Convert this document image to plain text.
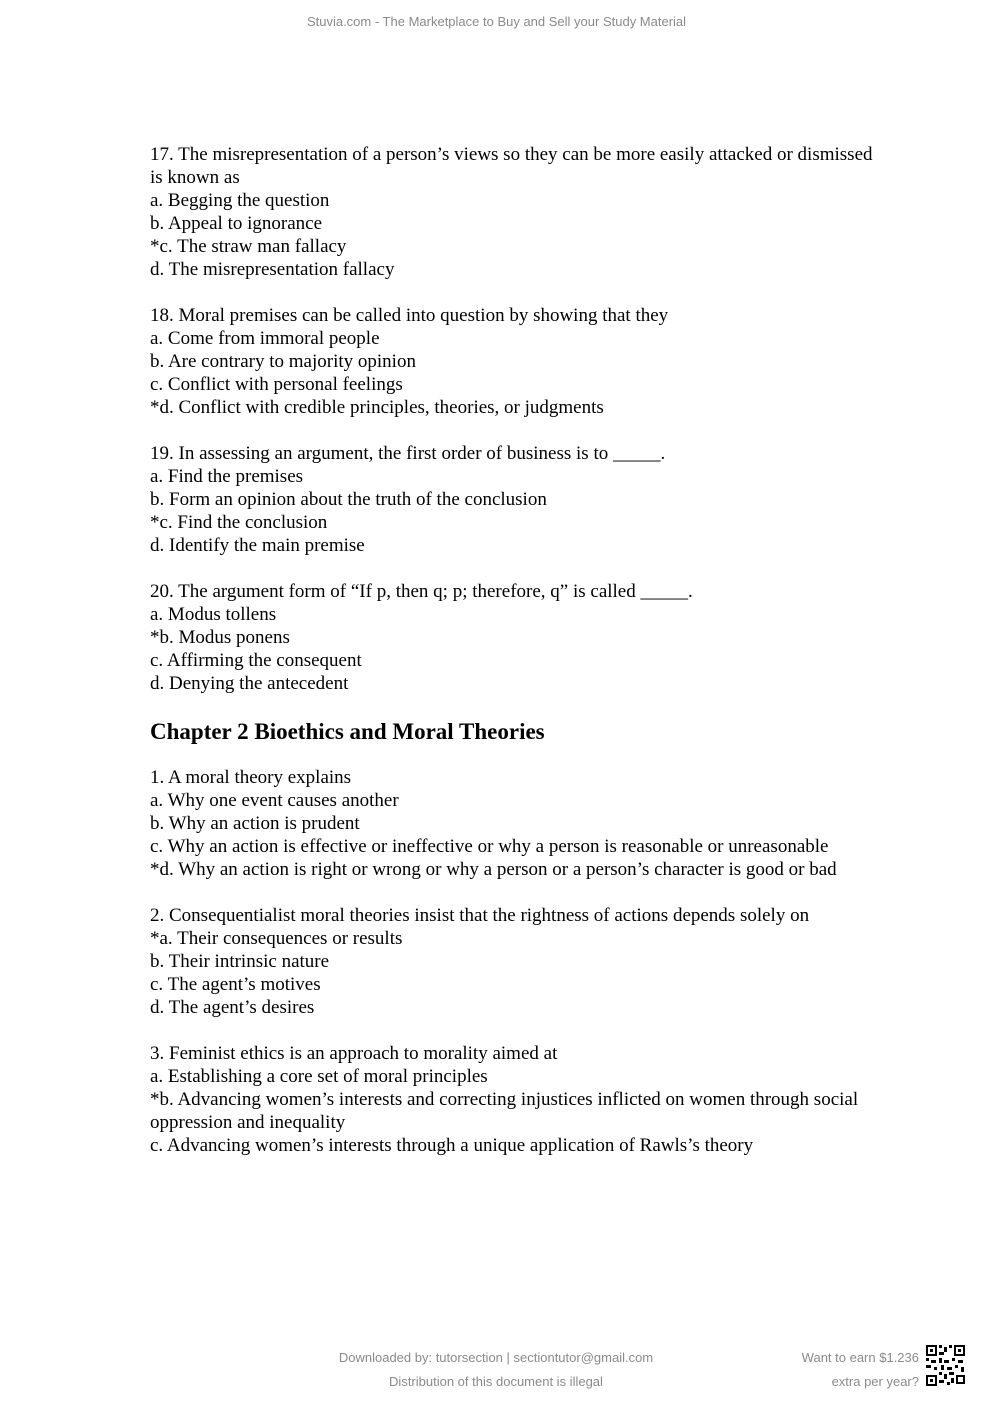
Stuvia.com - The Marketplace to Buy and Sell your Study Material

17. The misrepresentation of a person’s views so they can be more easily attacked or dismissed is known as

a. Begging the question

b. Appeal to ignorance

*c. The straw man fallacy

d. The misrepresentation fallacy

18. Moral premises can be called into question by showing that they

a. Come from immoral people

b. Are contrary to majority opinion

c. Conflict with personal feelings

*d. Conflict with credible principles, theories, or judgments

19. In assessing an argument, the first order of business is to _____.

a. Find the premises

b. Form an opinion about the truth of the conclusion

*c. Find the conclusion

d. Identify the main premise

20. The argument form of “If p, then q; p; therefore, q” is called _____.

a. Modus tollens

*b. Modus ponens

c. Affirming the consequent

d. Denying the antecedent

Chapter 2 Bioethics and Moral Theories

1. A moral theory explains

a. Why one event causes another

b. Why an action is prudent

c. Why an action is effective or ineffective or why a person is reasonable or unreasonable

*d. Why an action is right or wrong or why a person or a person’s character is good or bad

2. Consequentialist moral theories insist that the rightness of actions depends solely on

*a. Their consequences or results

b. Their intrinsic nature

c. The agent’s motives

d. The agent’s desires

3. Feminist ethics is an approach to morality aimed at

a. Establishing a core set of moral principles

*b. Advancing women’s interests and correcting injustices inflicted on women through social oppression and inequality

c. Advancing women’s interests through a unique application of Rawls’s theory

Downloaded by: tutorsection | sectiontutor@gmail.com
Distribution of this document is illegal
Want to earn $1.236
extra per year?
